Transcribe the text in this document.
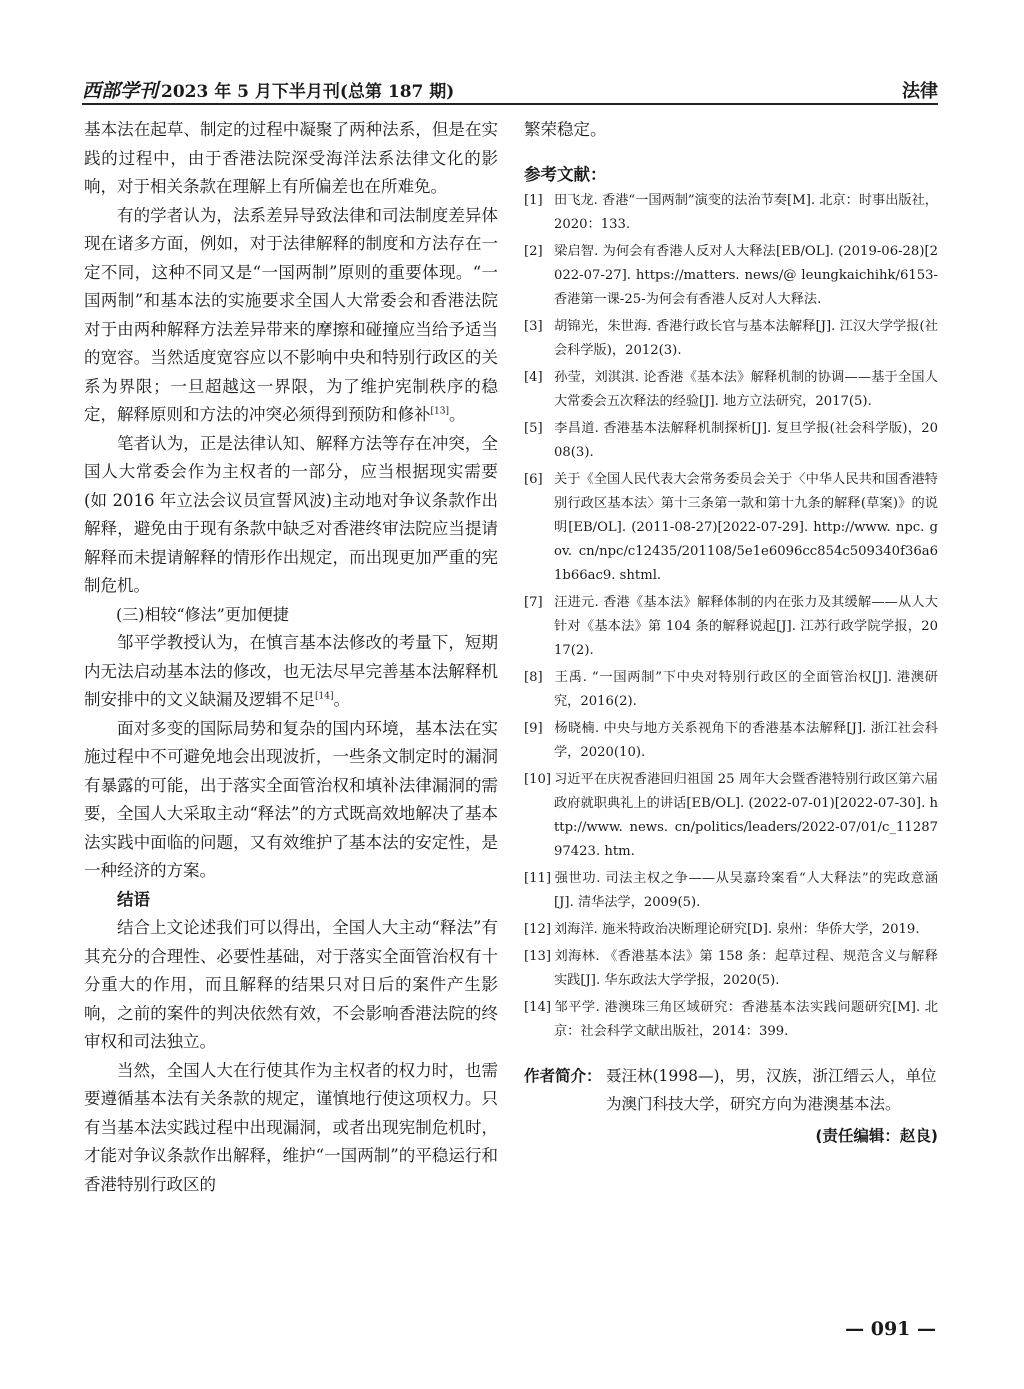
西部学刊 2023 年 5 月下半月刊(总第 187 期)	法律

基本法在起草、制定的过程中凝聚了两种法系，但是在实践的过程中，由于香港法院深受海洋法系法律文化的影响，对于相关条款在理解上有所偏差也在所难免。

有的学者认为，法系差异导致法律和司法制度差异体现在诸多方面，例如，对于法律解释的制度和方法存在一定不同，这种不同又是“一国两制”原则的重要体现。“一国两制”和基本法的实施要求全国人大常委会和香港法院对于由两种解释方法差异带来的摩擦和碰撞应当给予适当的宽容。当然适度宽容应以不影响中央和特别行政区的关系为界限；一旦超越这一界限，为了维护宪制秩序的稳定，解释原则和方法的冲突必须得到预防和修补[13]。

笔者认为，正是法律认知、解释方法等存在冲突，全国人大常委会作为主权者的一部分，应当根据现实需要(如 2016 年立法会议员宣誓风波)主动地对争议条款作出解释，避免由于现有条款中缺乏对香港终审法院应当提请解释而未提请解释的情形作出规定，而出现更加严重的宪制危机。

(三)相较“修法”更加便捷

邹平学教授认为，在慎言基本法修改的考量下，短期内无法启动基本法的修改，也无法尽早完善基本法解释机制安排中的文义缺漏及逻辑不足[14]。

面对多变的国际局势和复杂的国内环境，基本法在实施过程中不可避免地会出现波折，一些条文制定时的漏洞有暴露的可能，出于落实全面管治权和填补法律漏洞的需要，全国人大采取主动“释法”的方式既高效地解决了基本法实践中面临的问题，又有效维护了基本法的安定性，是一种经济的方案。

结语

结合上文论述我们可以得出，全国人大主动“释法”有其充分的合理性、必要性基础，对于落实全面管治权有十分重大的作用，而且解释的结果只对日后的案件产生影响，之前的案件的判决依然有效，不会影响香港法院的终审权和司法独立。

当然，全国人大在行使其作为主权者的权力时，也需要遵循基本法有关条款的规定，谨慎地行使这项权力。只有当基本法实践过程中出现漏洞，或者出现宪制危机时，才能对争议条款作出解释，维护“一国两制”的平稳运行和香港特别行政区的

繁荣稳定。

参考文献：

[1] 田飞龙. 香港“一国两制”演变的法治节奏[M]. 北京：时事出版社，2020：133.

[2] 梁启智. 为何会有香港人反对人大释法[EB/OL]. (2019-06-28)[2022-07-27]. https://matters. news/@ leungkaichihk/6153-香港第一课-25-为何会有香港人反对人大释法.

[3] 胡锦光，朱世海. 香港行政长官与基本法解释[J]. 江汉大学学报(社会科学版)，2012(3).

[4] 孙莹，刘淇淇. 论香港《基本法》解释机制的协调——基于全国人大常委会五次释法的经验[J]. 地方立法研究，2017(5).

[5] 李昌道. 香港基本法解释机制探析[J]. 复旦学报(社会科学版)，2008(3).

[6] 关于《全国人民代表大会常务委员会关于〈中华人民共和国香港特别行政区基本法〉第十三条第一款和第十九条的解释(草案)》的说明[EB/OL]. (2011-08-27)[2022-07-29]. http://www. npc. gov. cn/npc/c12435/201108/5e1e6096cc854c509340f36a61b66ac9. shtml.

[7] 汪进元. 香港《基本法》解释体制的内在张力及其缓解——从人大针对《基本法》第 104 条的解释说起[J]. 江苏行政学院学报，2017(2).

[8] 王禹. “一国两制”下中央对特别行政区的全面管治权[J]. 港澳研究，2016(2).

[9] 杨晓楠. 中央与地方关系视角下的香港基本法解释[J]. 浙江社会科学，2020(10).

[10] 习近平在庆祝香港回归祖国 25 周年大会暨香港特别行政区第六届政府就职典礼上的讲话[EB/OL]. (2022-07-01)[2022-07-30]. http://www. news. cn/politics/leaders/2022-07/01/c_1128797423. htm.

[11] 强世功. 司法主权之争——从吴嘉玲案看“人大释法”的宪政意涵[J]. 清华法学，2009(5).

[12] 刘海洋. 施米特政治决断理论研究[D]. 泉州：华侨大学，2019.

[13] 刘海林. 《香港基本法》第 158 条：起草过程、规范含义与解释实践[J]. 华东政法大学学报，2020(5).

[14] 邹平学. 港澳珠三角区域研究：香港基本法实践问题研究[M]. 北京：社会科学文献出版社，2014：399.

作者简介： 聂汪林(1998—)，男，汉族，浙江缙云人，单位为澳门科技大学，研究方向为港澳基本法。
(责任编辑：赵良)
— 091 —
